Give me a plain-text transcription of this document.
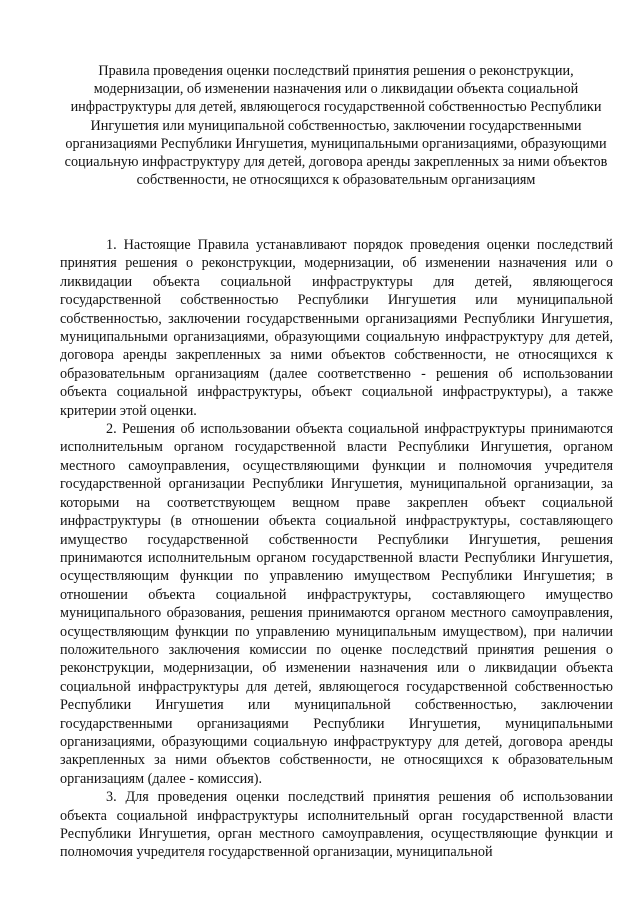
Правила проведения оценки последствий принятия решения о реконструкции, модернизации, об изменении назначения или о ликвидации объекта социальной инфраструктуры для детей, являющегося государственной собственностью Республики Ингушетия или муниципальной собственностью, заключении государственными организациями Республики Ингушетия, муниципальными организациями, образующими социальную инфраструктуру для детей, договора аренды закрепленных за ними объектов собственности, не относящихся к образовательным организациям

1. Настоящие Правила устанавливают порядок проведения оценки последствий принятия решения о реконструкции, модернизации, об изменении назначения или о ликвидации объекта социальной инфраструктуры для детей, являющегося государственной собственностью Республики Ингушетия или муниципальной собственностью, заключении государственными организациями Республики Ингушетия, муниципальными организациями, образующими социальную инфраструктуру для детей, договора аренды закрепленных за ними объектов собственности, не относящихся к образовательным организациям (далее соответственно - решения об использовании объекта социальной инфраструктуры, объект социальной инфраструктуры), а также критерии этой оценки.

2. Решения об использовании объекта социальной инфраструктуры принимаются исполнительным органом государственной власти Республики Ингушетия, органом местного самоуправления, осуществляющими функции и полномочия учредителя государственной организации Республики Ингушетия, муниципальной организации, за которыми на соответствующем вещном праве закреплен объект социальной инфраструктуры (в отношении объекта социальной инфраструктуры, составляющего имущество государственной собственности Республики Ингушетия, решения принимаются исполнительным органом государственной власти Республики Ингушетия, осуществляющим функции по управлению имуществом Республики Ингушетия; в отношении объекта социальной инфраструктуры, составляющего имущество муниципального образования, решения принимаются органом местного самоуправления, осуществляющим функции по управлению муниципальным имуществом), при наличии положительного заключения комиссии по оценке последствий принятия решения о реконструкции, модернизации, об изменении назначения или о ликвидации объекта социальной инфраструктуры для детей, являющегося государственной собственностью Республики Ингушетия или муниципальной собственностью, заключении государственными организациями Республики Ингушетия, муниципальными организациями, образующими социальную инфраструктуру для детей, договора аренды закрепленных за ними объектов собственности, не относящихся к образовательным организациям (далее - комиссия).

3. Для проведения оценки последствий принятия решения об использовании объекта социальной инфраструктуры исполнительный орган государственной власти Республики Ингушетия, орган местного самоуправления, осуществляющие функции и полномочия учредителя государственной организации, муниципальной
